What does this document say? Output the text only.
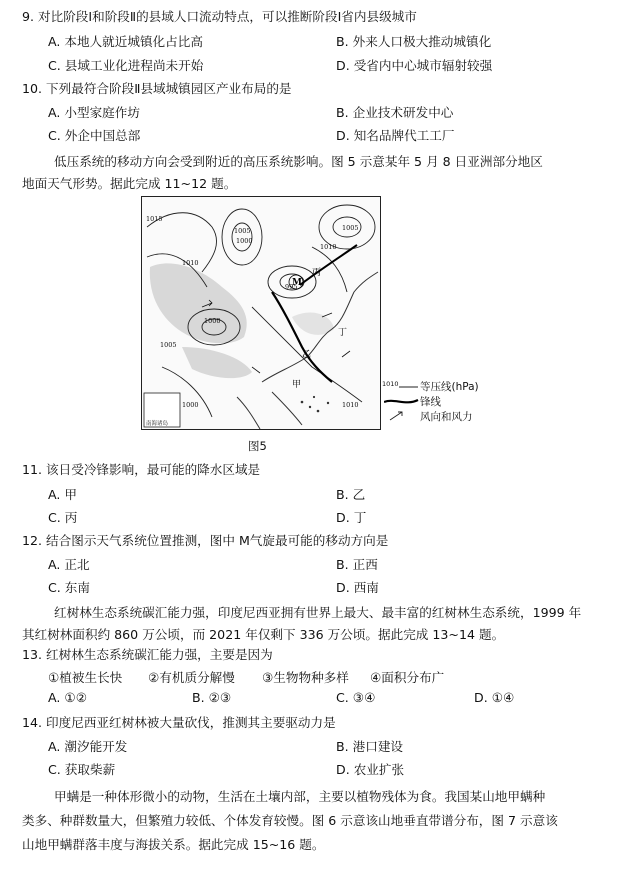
9. 对比阶段Ⅰ和阶段Ⅱ的县域人口流动特点，可以推断阶段Ⅰ省内县级城市
A. 本地人就近城镇化占比高	B. 外来人口极大推动城镇化
C. 县域工业化进程尚未开始	D. 受省内中心城市辐射较强
10. 下列最符合阶段Ⅱ县域城镇园区产业布局的是
A. 小型家庭作坊	B. 企业技术研发中心
C. 外企中国总部	D. 知名品牌代工工厂
低压系统的移动方向会受到附近的高压系统影响。图 5 示意某年 5 月 8 日亚洲部分地区
地面天气形势。据此完成 11~12 题。
1015
1010
1005
1000
995
1010
1005
1000
1005
1000	1010
M
丙
丁
乙
甲
南海诸岛
1010 等压线(hPa)
锋线
风向和风力
图5
11. 该日受冷锋影响，最可能的降水区域是
A. 甲	B. 乙
C. 丙	D. 丁
12. 结合图示天气系统位置推测，图中 M气旋最可能的移动方向是
A. 正北	B. 正西
C. 东南	D. 西南
红树林生态系统碳汇能力强，印度尼西亚拥有世界上最大、最丰富的红树林生态系统，1999 年
其红树林面积约 860 万公顷，而 2021 年仅剩下 336 万公顷。据此完成 13~14 题。
13. 红树林生态系统碳汇能力强，主要是因为
①植被生长快 ②有机质分解慢 ③生物物种多样 ④面积分布广
A. ①②	B. ②③	C. ③④	D. ①④
14. 印度尼西亚红树林被大量砍伐，推测其主要驱动力是
A. 潮汐能开发	B. 港口建设
C. 获取柴薪	D. 农业扩张
甲螨是一种体形微小的动物，生活在土壤内部，主要以植物残体为食。我国某山地甲螨种
类多、种群数量大，但繁殖力较低、个体发育较慢。图 6 示意该山地垂直带谱分布，图 7 示意该
山地甲螨群落丰度与海拔关系。据此完成 15~16 题。
